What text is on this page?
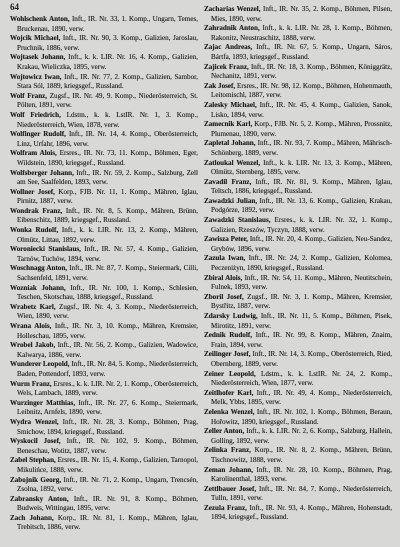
64

Wohlschenk Anton, Inft., IR. Nr. 33, 1. Komp., Ungarn, Temes, Bruckenau, 1890, verw.

Wojcik Michael, Inft., IR. Nr. 90, 3. Komp., Galizien, Jaroslau, Pruchnik, 1886, verw.

Wojtasek Johann, Inft., k. k. LIR. Nr. 16, 4. Komp., Galizien, Krakau, Wieliczka, 1895, verw.

Wojtowicz Iwan, Inft., IR. Nr. 77, 2. Komp., Galizien, Sambor, Stara Sól, 1889, kriegsgef., Russland.

Wolf Franz, Zugsf., IR. Nr. 49, 9. Komp., Niederösterreich, St. Pölten, 1891, verw.

Wolf Friedrich, Ldstm., k. k. LstIR. Nr. 1, 3. Komp., Niederösterreich, Wien, 1878, verw.

Wolfinger Rudolf, Inft., IR. Nr. 14, 4. Komp., Oberösterreich, Linz, Urfahr, 1896, verw.

Wolfram Alois, Ersres., IR. Nr. 73, 11. Komp., Böhmen, Eger, Wildstein, 1890, kriegsgef., Russland.

Wolfsberger Johann, Inft., IR. Nr. 59, 2. Komp., Salzburg, Zell am See, Saalfelden, 1893, verw.

Wollner Josef, Korp., FJB. Nr. 11, 1. Komp., Mähren, Iglau, Pirnitz, 1887, verw.

Wondrak Franz, Inft., IR. Nr. 8, 5. Komp., Mähren, Brünn, Eibenschitz, 1889, kriegsgef., Russland.

Wonka Rudolf, Inft., k. k. LIR. Nr. 13, 2. Komp., Mähren, Olmütz, Littau, 1892, verw.

Woroniecki Stanislaus, Inft., IR. Nr. 57, 4. Komp., Galizien, Tarnów, Tuchów, 1894, verw.

Woschnagg Anton, Inft., IR. Nr. 87, 7. Komp., Steiermark, Cilli, Sachsenfeld, 1891, verw.

Wozniak Johann, Inft., IR. Nr. 100, 1. Komp., Schlesien, Teschen, Skotschau, 1888, kriegsgef., Russland.

Wrabetz Karl, Zugsf., IR. Nr. 4, 3. Komp., Niederösterreich, Wien, 1890, verw.

Wrana Alois, Inft., IR. Nr. 3, 10. Komp., Mähren, Kremsier, Holleschau, 1895, verw.

Wrobel Jakob, Inft., IR. Nr. 56, 2. Komp., Galizien, Wadowice, Kalwarya, 1886, verw.

Wunderer Leopold, Inft., IR. Nr. 84, 5. Komp., Niederösterreich, Baden, Pottendorf, 1893, verw.

Wurm Franz, Ersres., k. k. LIR. Nr. 2, 1. Komp., Oberösterreich, Wels, Lambach, 1889, verw.

Wurzinger Matthias, Inft., IR. Nr. 27, 6. Komp., Steiermark, Leibnitz, Arnfels, 1890, verw.

Wydra Wenzel, Inft., IR. Nr. 28, 3. Komp., Böhmen, Prag, Smichow, 1894, kriegsgef., Russland.

Wyskocil Josef, Inft., IR. Nr. 102, 9. Komp., Böhmen, Beneschau, Wotitz, 1887, verw.

Zabel Stephan, Ersres., IR. Nr. 15, 4. Komp., Galizien, Tarnopol, Mikulińce, 1888, verw.

Zabojnik Georg, Inft., IR. Nr. 71, 2. Komp., Ungarn, Trencsén, Zsolna, 1892, verw.

Zabransky Anton, Inft., IR. Nr. 91, 8. Komp., Böhmen, Budweis, Wittingau, 1895, verw.

Zach Johann, Korp., IR. Nr. 81, 1. Komp., Mähren, Iglau, Trebitsch, 1886, verw.

Zacharias Wenzel, Inft., IR. Nr. 35, 2. Komp., Böhmen, Pilsen, Mies, 1890, verw.

Zahradnik Anton, Inft., k. k. LIR. Nr. 28, 1. Komp., Böhmen, Rakonitz, Neustraschitz, 1888, verw.

Zajac Andreas, Inft., IR. Nr. 67, 5. Komp., Ungarn, Sáros, Bártfa, 1893, kriegsgef., Russland.

Zajicek Franz, Inft., IR. Nr. 18, 3. Komp., Böhmen, Königgrätz, Nechanitz, 1891, verw.

Zak Josef, Ersres., IR. Nr. 98, 12. Komp., Böhmen, Hohenmauth, Leitomischl, 1887, verw.

Zalesky Michael, Inft., IR. Nr. 45, 4. Komp., Galizien, Sanok, Lisko, 1894, verw.

Zamecnik Karl, Korp., FJB. Nr. 5, 2. Komp., Mähren, Prossnitz, Plumenau, 1890, verw.

Zapletal Johann, Inft., IR. Nr. 93, 7. Komp., Mähren, Mährisch-Schönberg, 1889, verw.

Zatloukal Wenzel, Inft., k. k. LIR. Nr. 13, 3. Komp., Mähren, Olmütz, Sternberg, 1895, verw.

Zavadil Franz, Inft., IR. Nr. 81, 9. Komp., Mähren, Iglau, Teltsch, 1886, kriegsgef., Russland.

Zawadzki Julian, Inft., IR. Nr. 13, 6. Komp., Galizien, Krakau, Podgórze, 1892, verw.

Zawadzki Stanislaus, Ersres., k. k. LIR. Nr. 32, 1. Komp., Galizien, Rzeszów, Tyczyn, 1888, verw.

Zawisza Peter, Inft., IR. Nr. 20, 4. Komp., Galizien, Neu-Sandez, Grybów, 1896, verw.

Zazula Iwan, Inft., IR. Nr. 24, 2. Komp., Galizien, Kolomea, Peczeniżyn, 1890, kriegsgef., Russland.

Zbiral Alois, Inft., IR. Nr. 54, 11. Komp., Mähren, Neutitschein, Fulnek, 1893, verw.

Zboril Josef, Zugsf., IR. Nr. 3, 1. Komp., Mähren, Kremsier, Bystřitz, 1887, verw.

Zdarsky Ludwig, Inft., IR. Nr. 11, 5. Komp., Böhmen, Pisek, Mirotitz, 1891, verw.

Zednik Rudolf, Inft., IR. Nr. 99, 8. Komp., Mähren, Znaim, Frain, 1894, verw.

Zeilinger Josef, Inft., IR. Nr. 14, 3. Komp., Oberösterreich, Ried, Obernberg, 1889, verw.

Zeiner Leopold, Ldstm., k. k. LstIR. Nr. 24, 2. Komp., Niederösterreich, Wien, 1877, verw.

Zeitlhofer Karl, Inft., IR. Nr. 49, 4. Komp., Niederösterreich, Melk, Ybbs, 1895, verw.

Zelenka Wenzel, Inft., IR. Nr. 102, 1. Komp., Böhmen, Beraun, Hořowitz, 1890, kriegsgef., Russland.

Zeller Anton, Inft., k. k. LIR. Nr. 2, 6. Komp., Salzburg, Hallein, Golling, 1892, verw.

Zelinka Franz, Korp., IR. Nr. 8, 2. Komp., Mähren, Brünn, Tischnowitz, 1888, verw.

Zeman Johann, Inft., IR. Nr. 28, 10. Komp., Böhmen, Prag, Karolinenthal, 1893, verw.

Zettlbauer Josef, Inft., IR. Nr. 84, 7. Komp., Niederösterreich, Tulln, 1891, verw.

Zezula Franz, Inft., IR. Nr. 93, 4. Komp., Mähren, Hohenstadt, 1894, kriegsgef., Russland.
